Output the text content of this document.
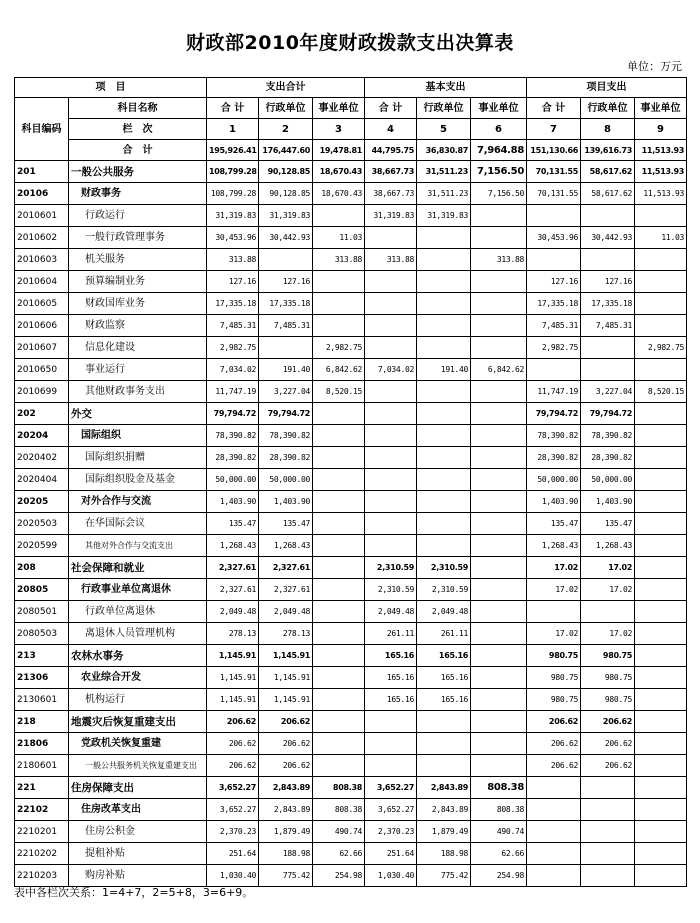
财政部2010年度财政拨款支出决算表
单位：万元
项　目		支出合计			基本支出			项目支出		
科目编码	科目名称	合 计	行政单位	事业单位	合 计	行政单位	事业单位	合 计	行政单位	事业单位
	栏　次	1	2	3	4	5	6	7	8	9
	合　计	195,926.41	176,447.60	19,478.81	44,795.75	36,830.87	7,964.88	151,130.66	139,616.73	11,513.93
201	一般公共服务	108,799.28	90,128.85	18,670.43	38,667.73	31,511.23	7,156.50	70,131.55	58,617.62	11,513.93
20106	财政事务	108,799.28	90,128.85	18,670.43	38,667.73	31,511.23	7,156.50	70,131.55	58,617.62	11,513.93
2010601	行政运行	31,319.83	31,319.83		31,319.83	31,319.83				
2010602	一般行政管理事务	30,453.96	30,442.93	11.03				30,453.96	30,442.93	11.03
2010603	机关服务	313.88		313.88	313.88		313.88			
2010604	预算编制业务	127.16	127.16					127.16	127.16	
2010605	财政国库业务	17,335.18	17,335.18					17,335.18	17,335.18	
2010606	财政监察	7,485.31	7,485.31					7,485.31	7,485.31	
2010607	信息化建设	2,982.75		2,982.75				2,982.75		2,982.75
2010650	事业运行	7,034.02	191.40	6,842.62	7,034.02	191.40	6,842.62			
2010699	其他财政事务支出	11,747.19	3,227.04	8,520.15				11,747.19	3,227.04	8,520.15
202	外交	79,794.72	79,794.72					79,794.72	79,794.72	
20204	国际组织	78,390.82	78,390.82					78,390.82	78,390.82	
2020402	国际组织捐赠	28,390.82	28,390.82					28,390.82	28,390.82	
2020404	国际组织股金及基金	50,000.00	50,000.00					50,000.00	50,000.00	
20205	对外合作与交流	1,403.90	1,403.90					1,403.90	1,403.90	
2020503	在华国际会议	135.47	135.47					135.47	135.47	
2020599	其他对外合作与交流支出	1,268.43	1,268.43					1,268.43	1,268.43	
208	社会保障和就业	2,327.61	2,327.61		2,310.59	2,310.59		17.02	17.02	
20805	行政事业单位离退休	2,327.61	2,327.61		2,310.59	2,310.59		17.02	17.02	
2080501	行政单位离退休	2,049.48	2,049.48		2,049.48	2,049.48				
2080503	离退休人员管理机构	278.13	278.13		261.11	261.11		17.02	17.02	
213	农林水事务	1,145.91	1,145.91		165.16	165.16		980.75	980.75	
21306	农业综合开发	1,145.91	1,145.91		165.16	165.16		980.75	980.75	
2130601	机构运行	1,145.91	1,145.91		165.16	165.16		980.75	980.75	
218	地震灾后恢复重建支出	206.62	206.62					206.62	206.62	
21806	党政机关恢复重建	206.62	206.62					206.62	206.62	
2180601	一般公共服务机关恢复重建支出	206.62	206.62					206.62	206.62	
221	住房保障支出	3,652.27	2,843.89	808.38	3,652.27	2,843.89	808.38			
22102	住房改革支出	3,652.27	2,843.89	808.38	3,652.27	2,843.89	808.38			
2210201	住房公积金	2,370.23	1,879.49	490.74	2,370.23	1,879.49	490.74			
2210202	提租补贴	251.64	188.98	62.66	251.64	188.98	62.66			
2210203	购房补贴	1,030.40	775.42	254.98	1,030.40	775.42	254.98			
表中各栏次关系：1=4+7，2=5+8，3=6+9。
